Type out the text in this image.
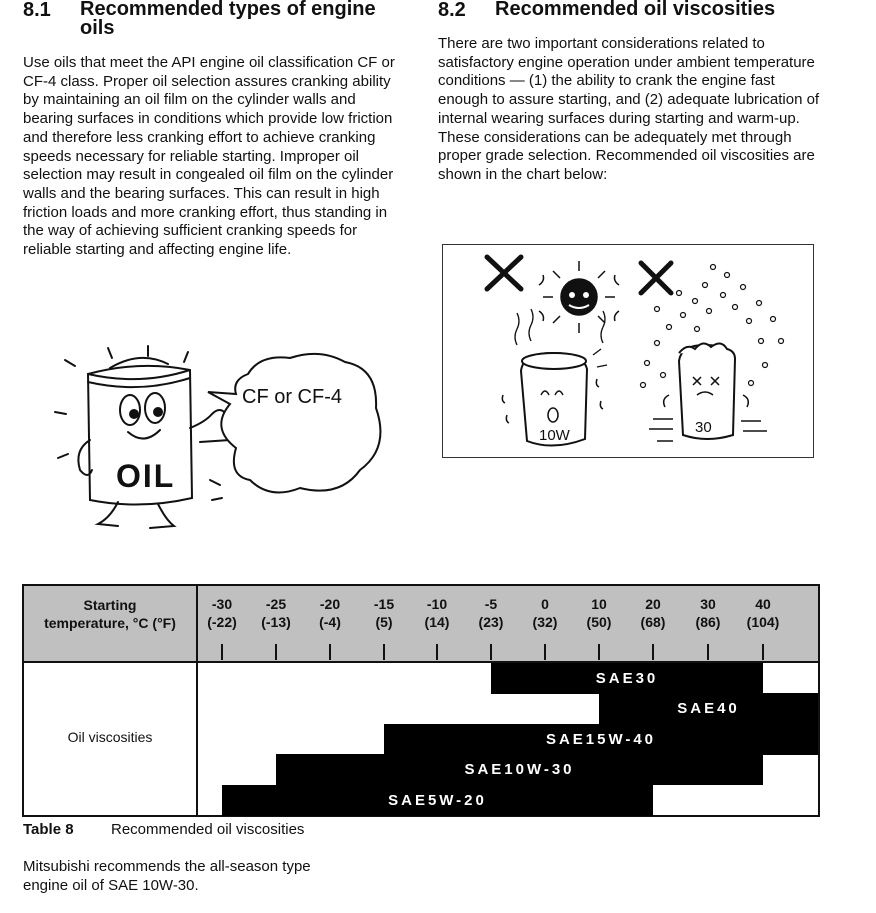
8.1 Recommended types of engine oils
Use oils that meet the API engine oil classification CF or CF-4 class. Proper oil selection assures cranking ability by maintaining an oil film on the cylinder walls and bearing surfaces in conditions which provide low friction and therefore less cranking effort to achieve cranking speeds necessary for reliable starting. Improper oil selection may result in congealed oil film on the cylinder walls and the bearing surfaces. This can result in high friction loads and more cranking effort, thus standing in the way of achieving sufficient cranking speeds for reliable starting and affecting engine life.
8.2 Recommended oil viscosities
There are two important considerations related to satisfactory engine operation under ambient temperature conditions — (1) the ability to crank the engine fast enough to assure starting, and (2) adequate lubrication of internal wearing surfaces during starting and warm-up. These considerations can be adequately met through proper grade selection. Recommended oil viscosities are shown in the chart below:
OIL
CF or CF-4
10W	30
Starting
temperature, °C (°F)
Oil viscosities
-30
(-22)
-25
(-13)
-20
(-4)
-15
(5)
-10
(14)
-5
(23)
0
(32)
10
(50)
20
(68)
30
(86)
40
(104)
SAE30
SAE40
SAE15W-40
SAE10W-30
SAE5W-20
Table 8 Recommended oil viscosities
Mitsubishi recommends the all-season type
engine oil of SAE 10W-30.
